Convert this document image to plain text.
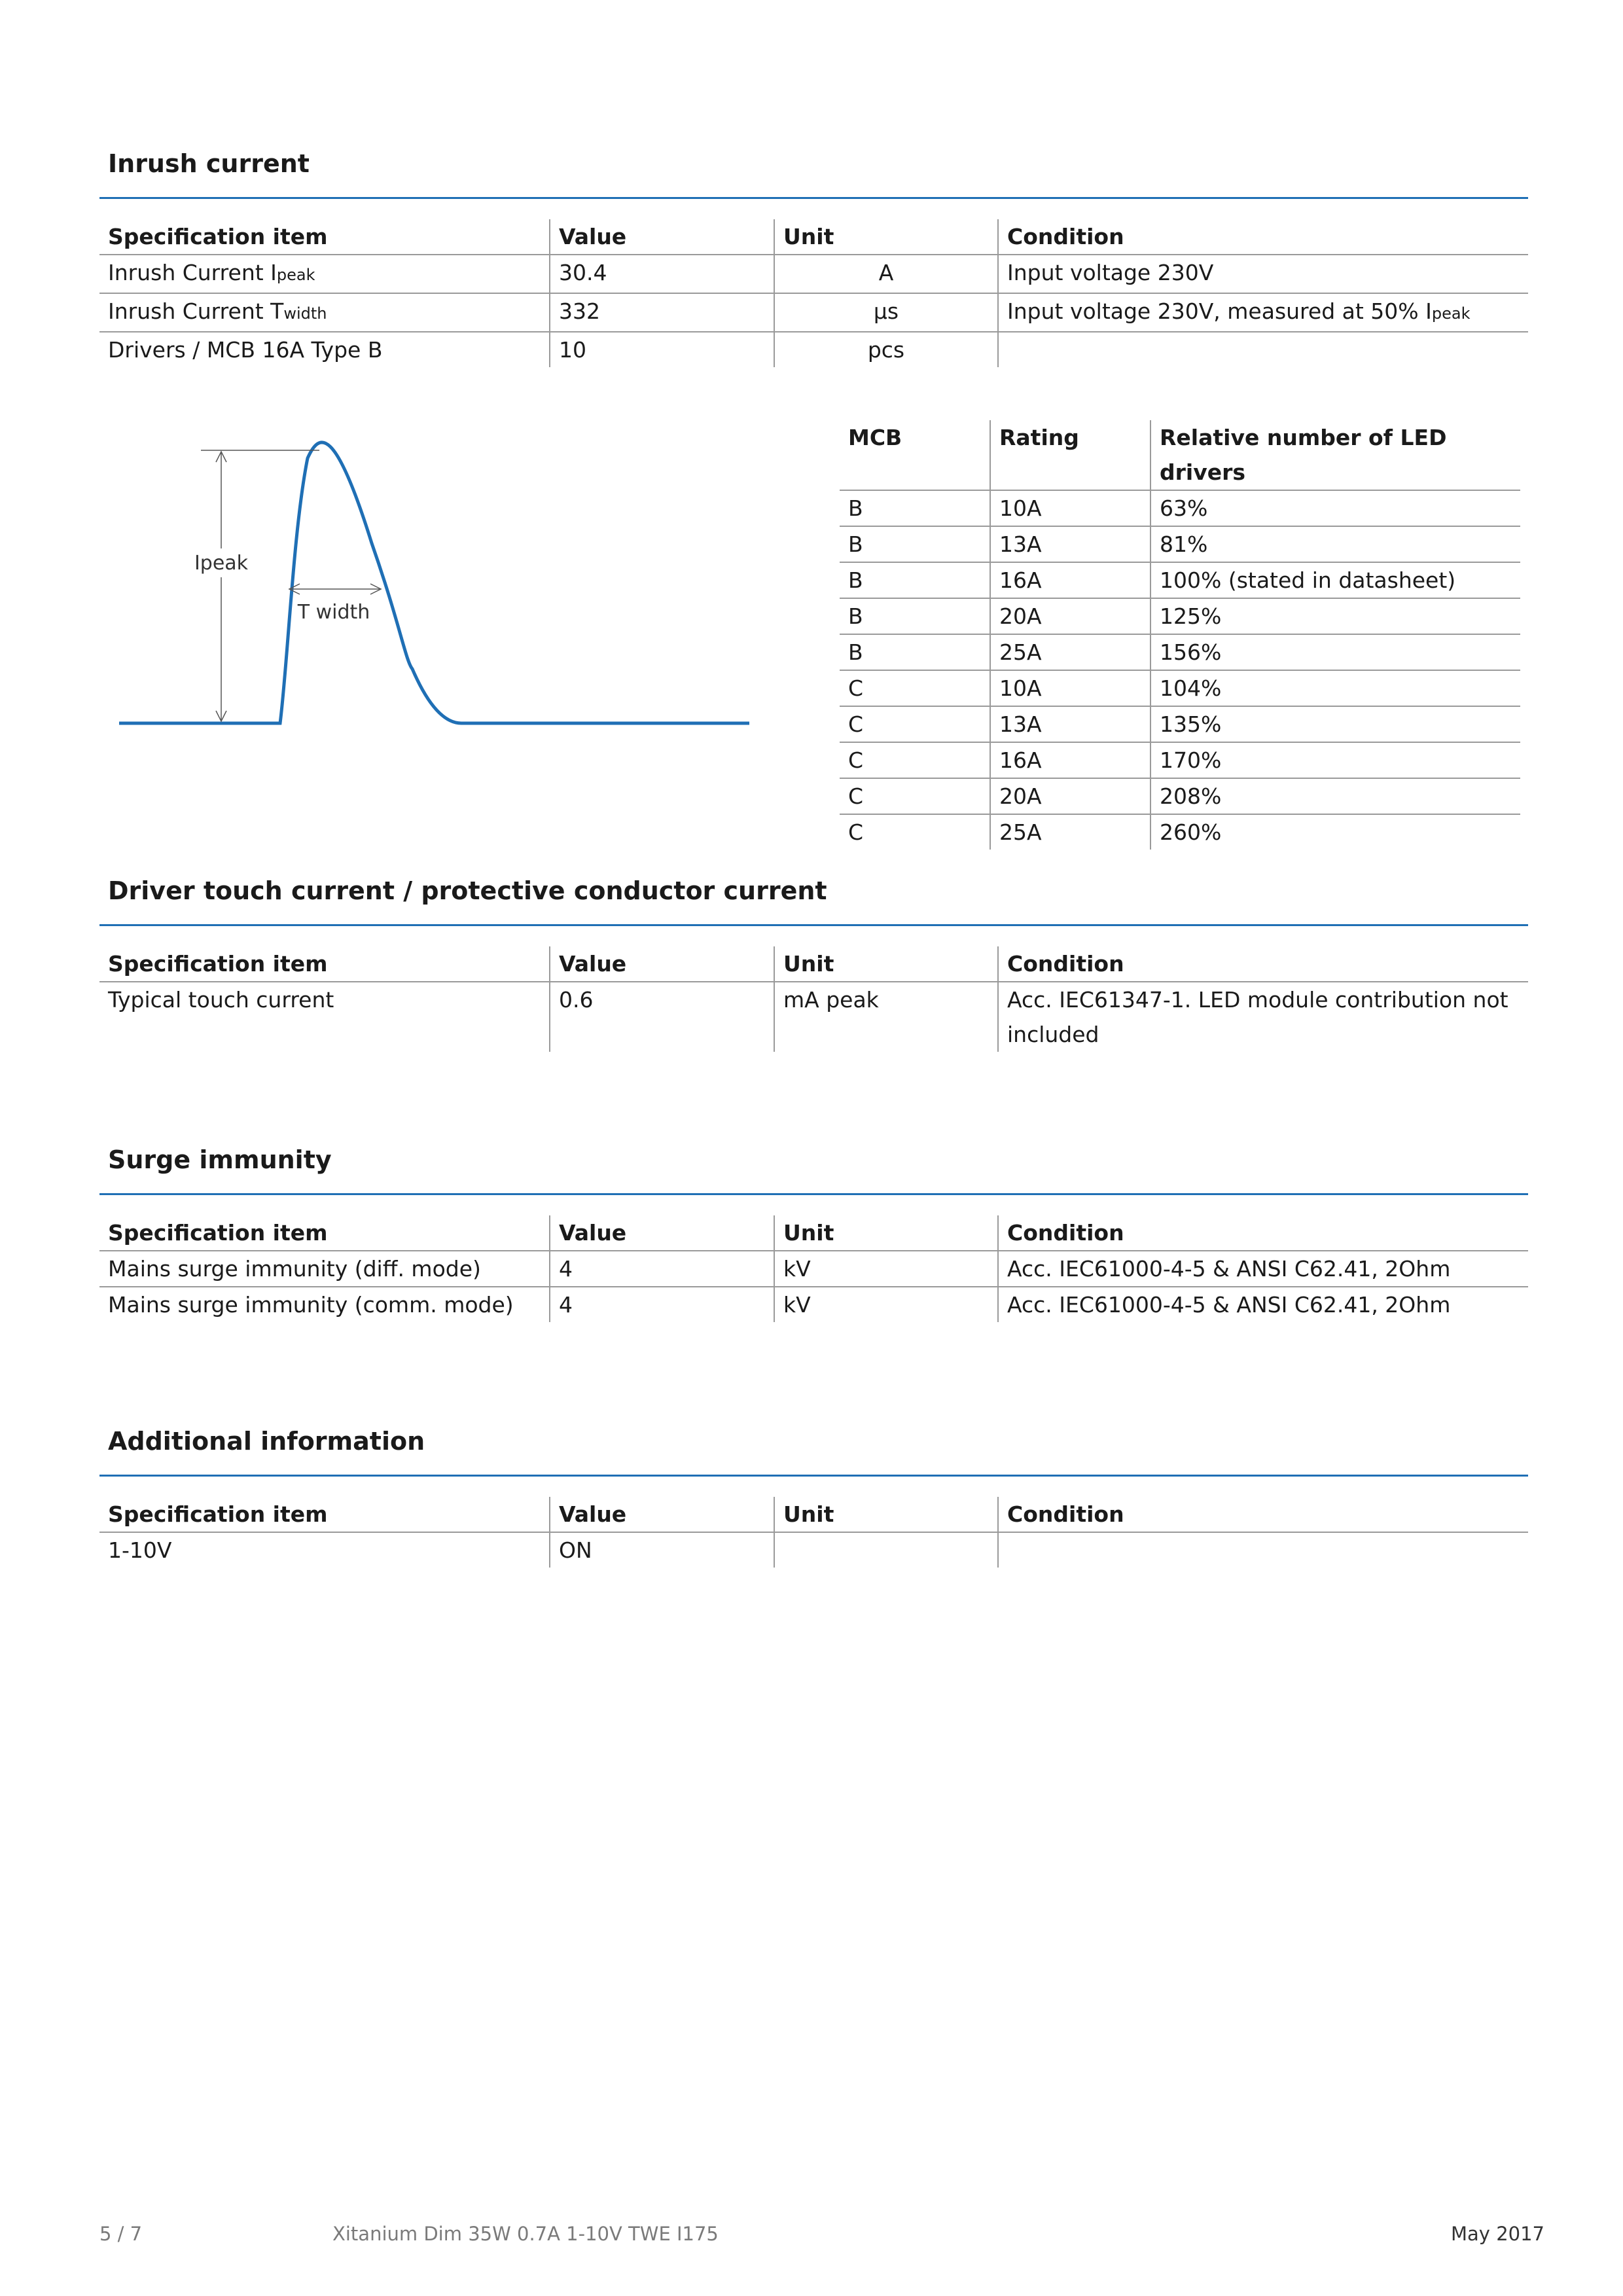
Inrush current
Specification item	Value	Unit	Condition
Inrush Current Ipeak	30.4	A	Input voltage 230V
Inrush Current Twidth	332	μs	Input voltage 230V, measured at 50% Ipeak
Drivers / MCB 16A Type B	10	pcs	
Ipeak
T width
MCB	Rating	Relative number of LED drivers
B	10A	63%
B	13A	81%
B	16A	100% (stated in datasheet)
B	20A	125%
B	25A	156%
C	10A	104%
C	13A	135%
C	16A	170%
C	20A	208%
C	25A	260%
Driver touch current / protective conductor current
Specification item	Value	Unit	Condition
Typical touch current	0.6	mA peak	Acc. IEC61347-1. LED module contribution not
included
Surge immunity
Specification item	Value	Unit	Condition
Mains surge immunity (diff. mode)	4	kV	Acc. IEC61000-4-5 & ANSI C62.41, 2Ohm
Mains surge immunity (comm. mode)	4	kV	Acc. IEC61000-4-5 & ANSI C62.41, 2Ohm
Additional information
Specification item	Value	Unit	Condition
1-10V	ON		

5 / 7	Xitanium Dim 35W 0.7A 1-10V TWE I175	May 2017
